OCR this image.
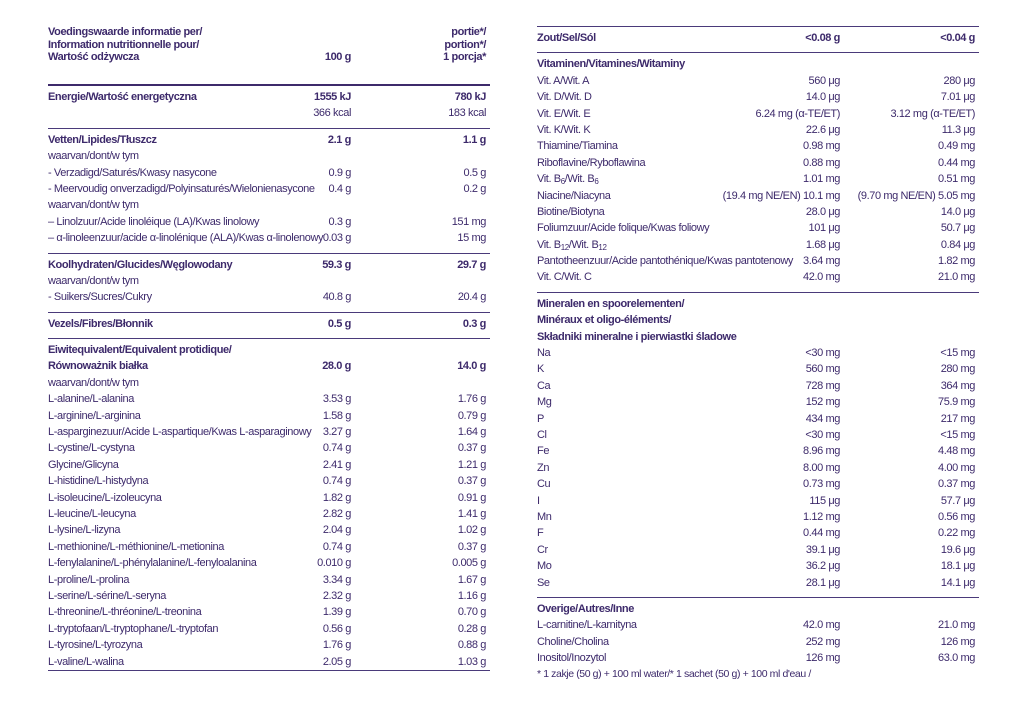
Voedingswaarde informatie per/
Information nutritionnelle pour/
Wartość odżywcza	100 g
portie*/
portion*/
1 porcja*
Energie/Wartość energetyczna	1555 kJ	780 kJ
366 kcal	183 kcal
Vetten/Lipides/Tłuszcz	2.1 g	1.1 g
waarvan/dont/w tym
- Verzadigd/Saturés/Kwasy nasycone	0.9 g	0.5 g
- Meervoudig onverzadigd/Polyinsaturés/Wielonienasycone 0.4 g	0.2 g
waarvan/dont/w tym
– Linolzuur/Acide linoléique (LA)/Kwas linolowy	0.3 g	151 mg
– α-linoleenzuur/acide α-linolénique (ALA)/Kwas α-linolenowy 0.03 g	15 mg
Koolhydraten/Glucides/Węglowodany	59.3 g	29.7 g
waarvan/dont/w tym
- Suikers/Sucres/Cukry	40.8 g	20.4 g
Vezels/Fibres/Błonnik	0.5 g	0.3 g
Eiwitequivalent/Equivalent protidique/
Równoważnik białka	28.0 g	14.0 g
waarvan/dont/w tym
L-alanine/L-alanina	3.53 g	1.76 g
L-arginine/L-arginina	1.58 g	0.79 g
L-asparginezuur/Acide L-aspartique/Kwas L-asparaginowy 3.27 g	1.64 g
L-cystine/L-cystyna	0.74 g	0.37 g
Glycine/Glicyna	2.41 g	1.21 g
L-histidine/L-histydyna	0.74 g	0.37 g
L-isoleucine/L-izoleucyna	1.82 g	0.91 g
L-leucine/L-leucyna	2.82 g	1.41 g
L-lysine/L-lizyna	2.04 g	1.02 g
L-methionine/L-méthionine/L-metionina	0.74 g	0.37 g
L-fenylalanine/L-phénylalanine/L-fenyloalanina	0.010 g	0.005 g
L-proline/L-prolina	3.34 g	1.67 g
L-serine/L-sérine/L-seryna	2.32 g	1.16 g
L-threonine/L-thréonine/L-treonina	1.39 g	0.70 g
L-tryptofaan/L-tryptophane/L-tryptofan	0.56 g	0.28 g
L-tyrosine/L-tyrozyna	1.76 g	0.88 g
L-valine/L-walina	2.05 g	1.03 g
Zout/Sel/Sól	<0.08 g	<0.04 g
Vitaminen/Vitamines/Witaminy
Vit. A/Wit. A	560 μg	280 μg
Vit. D/Wit. D	14.0 μg	7.01 μg
Vit. E/Wit. E	6.24 mg (α-TE/ET)	3.12 mg (α-TE/ET)
Vit. K/Wit. K	22.6 μg	11.3 μg
Thiamine/Tiamina	0.98 mg	0.49 mg
Riboflavine/Ryboflawina	0.88 mg	0.44 mg
Vit. $B_6$/Wit. $B_6$	1.01 mg	0.51 mg
Niacine/Niacyna	(19.4 mg NE/EN) 10.1 mg (9.70 mg NE/EN) 5.05 mg
Biotine/Biotyna	28.0 μg	14.0 μg
Foliumzuur/Acide folique/Kwas foliowy	101 μg	50.7 μg
Vit. $B_{12}$/Wit. $B_{12}$	1.68 μg	0.84 μg
Pantotheenzuur/Acide pantothénique/Kwas pantotenowy 3.64 mg	1.82 mg
Vit. C/Wit. C	42.0 mg	21.0 mg
Mineralen en spoorelementen/
Minéraux et oligo-éléments/
Składniki mineralne i pierwiastki śladowe
Na	<30 mg	<15 mg
K	560 mg	280 mg
Ca	728 mg	364 mg
Mg	152 mg	75.9 mg
P	434 mg	217 mg
Cl	<30 mg	<15 mg
Fe	8.96 mg	4.48 mg
Zn	8.00 mg	4.00 mg
Cu	0.73 mg	0.37 mg
I	115 μg	57.7 μg
Mn	1.12 mg	0.56 mg
F	0.44 mg	0.22 mg
Cr	39.1 μg	19.6 μg
Mo	36.2 μg	18.1 μg
Se	28.1 μg	14.1 μg
Overige/Autres/Inne
L-carnitine/L-karnityna	42.0 mg	21.0 mg
Choline/Cholina	252 mg	126 mg
Inositol/Inozytol	126 mg	63.0 mg
* 1 zakje (50 g) + 100 ml water/* 1 sachet (50 g) + 100 ml d'eau /
